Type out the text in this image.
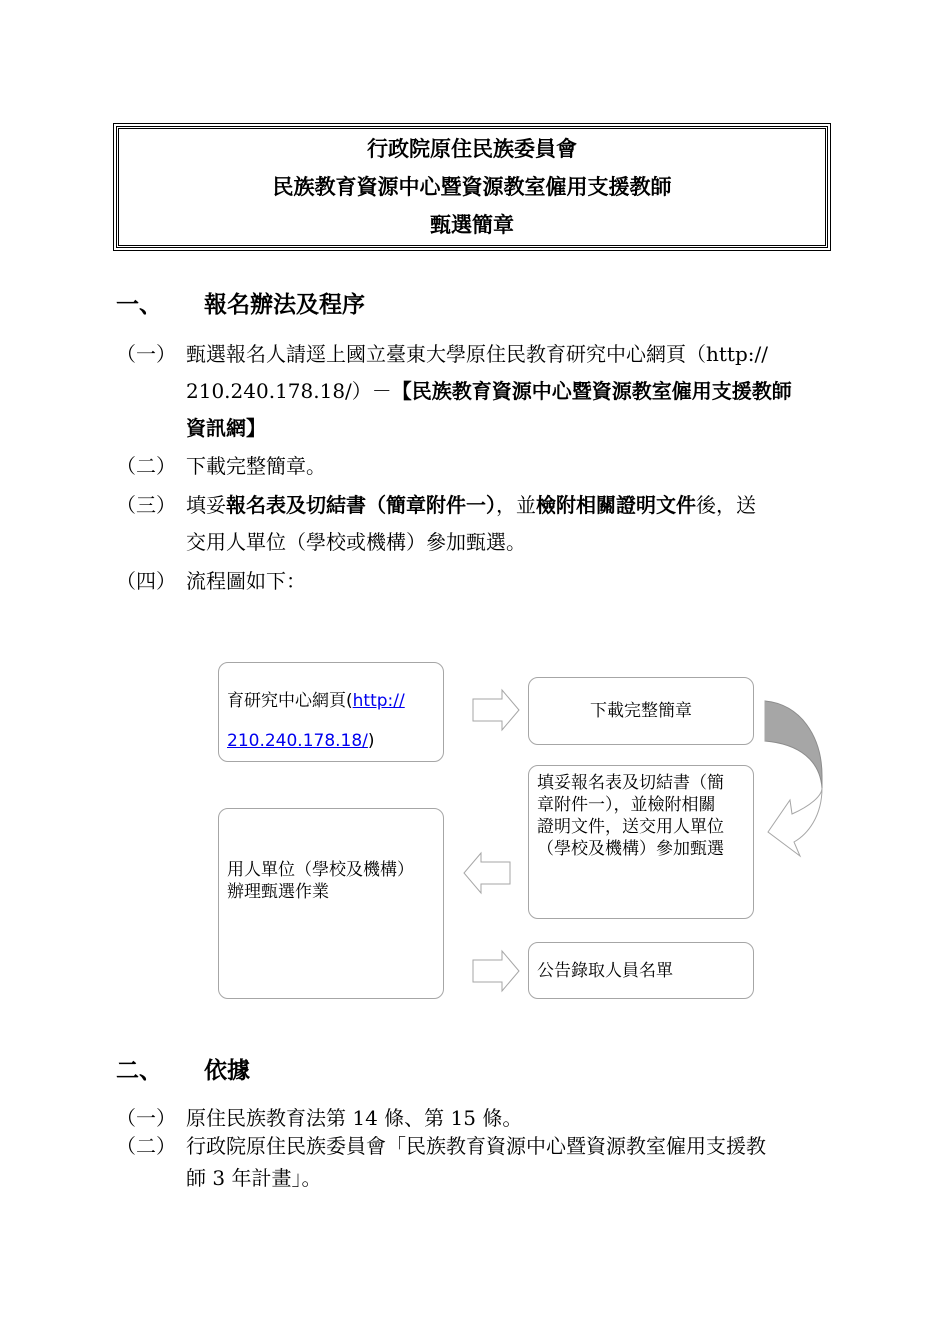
行政院原住民族委員會
民族教育資源中心暨資源教室僱用支援教師
甄選簡章
一、	報名辦法及程序
（一） 甄選報名人請逕上國立臺東大學原住民教育研究中心網頁（http://
210.240.178.18/）－【民族教育資源中心暨資源教室僱用支援教師
資訊網】
（二） 下載完整簡章。
（三） 填妥報名表及切結書（簡章附件一），並檢附相關證明文件後，送
交用人單位（學校或機構）參加甄選。
（四） 流程圖如下：
育研究中心網頁(http://
210.240.178.18/)
下載完整簡章
填妥報名表及切結書（簡
章附件一），並檢附相關
證明文件，送交用人單位
（學校及機構）參加甄選
用人單位（學校及機構）
辦理甄選作業
公告錄取人員名單
二、	依據
（一） 原住民族教育法第 14 條、第 15 條。
（二） 行政院原住民族委員會「民族教育資源中心暨資源教室僱用支援教
師 3 年計畫」。
